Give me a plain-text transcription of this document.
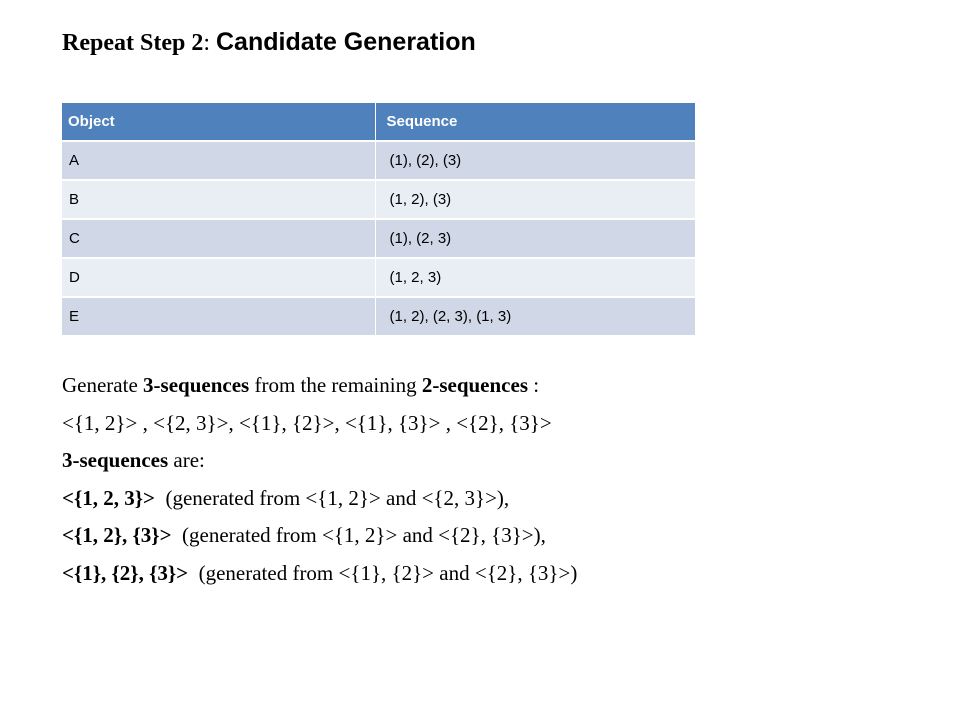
Repeat Step 2: Candidate Generation
Object	Sequence
A	(1), (2), (3)
B	(1, 2), (3)
C	(1), (2, 3)
D	(1, 2, 3)
E	(1, 2), (2, 3), (1, 3)
Generate 3-sequences from the remaining 2-sequences :
<{1, 2}> , <{2, 3}>, <{1}, {2}>, <{1}, {3}> , <{2}, {3}>
3-sequences are:
<{1, 2, 3}>  (generated from <{1, 2}> and <{2, 3}>),
<{1, 2}, {3}>  (generated from <{1, 2}> and <{2}, {3}>),
<{1}, {2}, {3}>  (generated from <{1}, {2}> and <{2}, {3}>)
